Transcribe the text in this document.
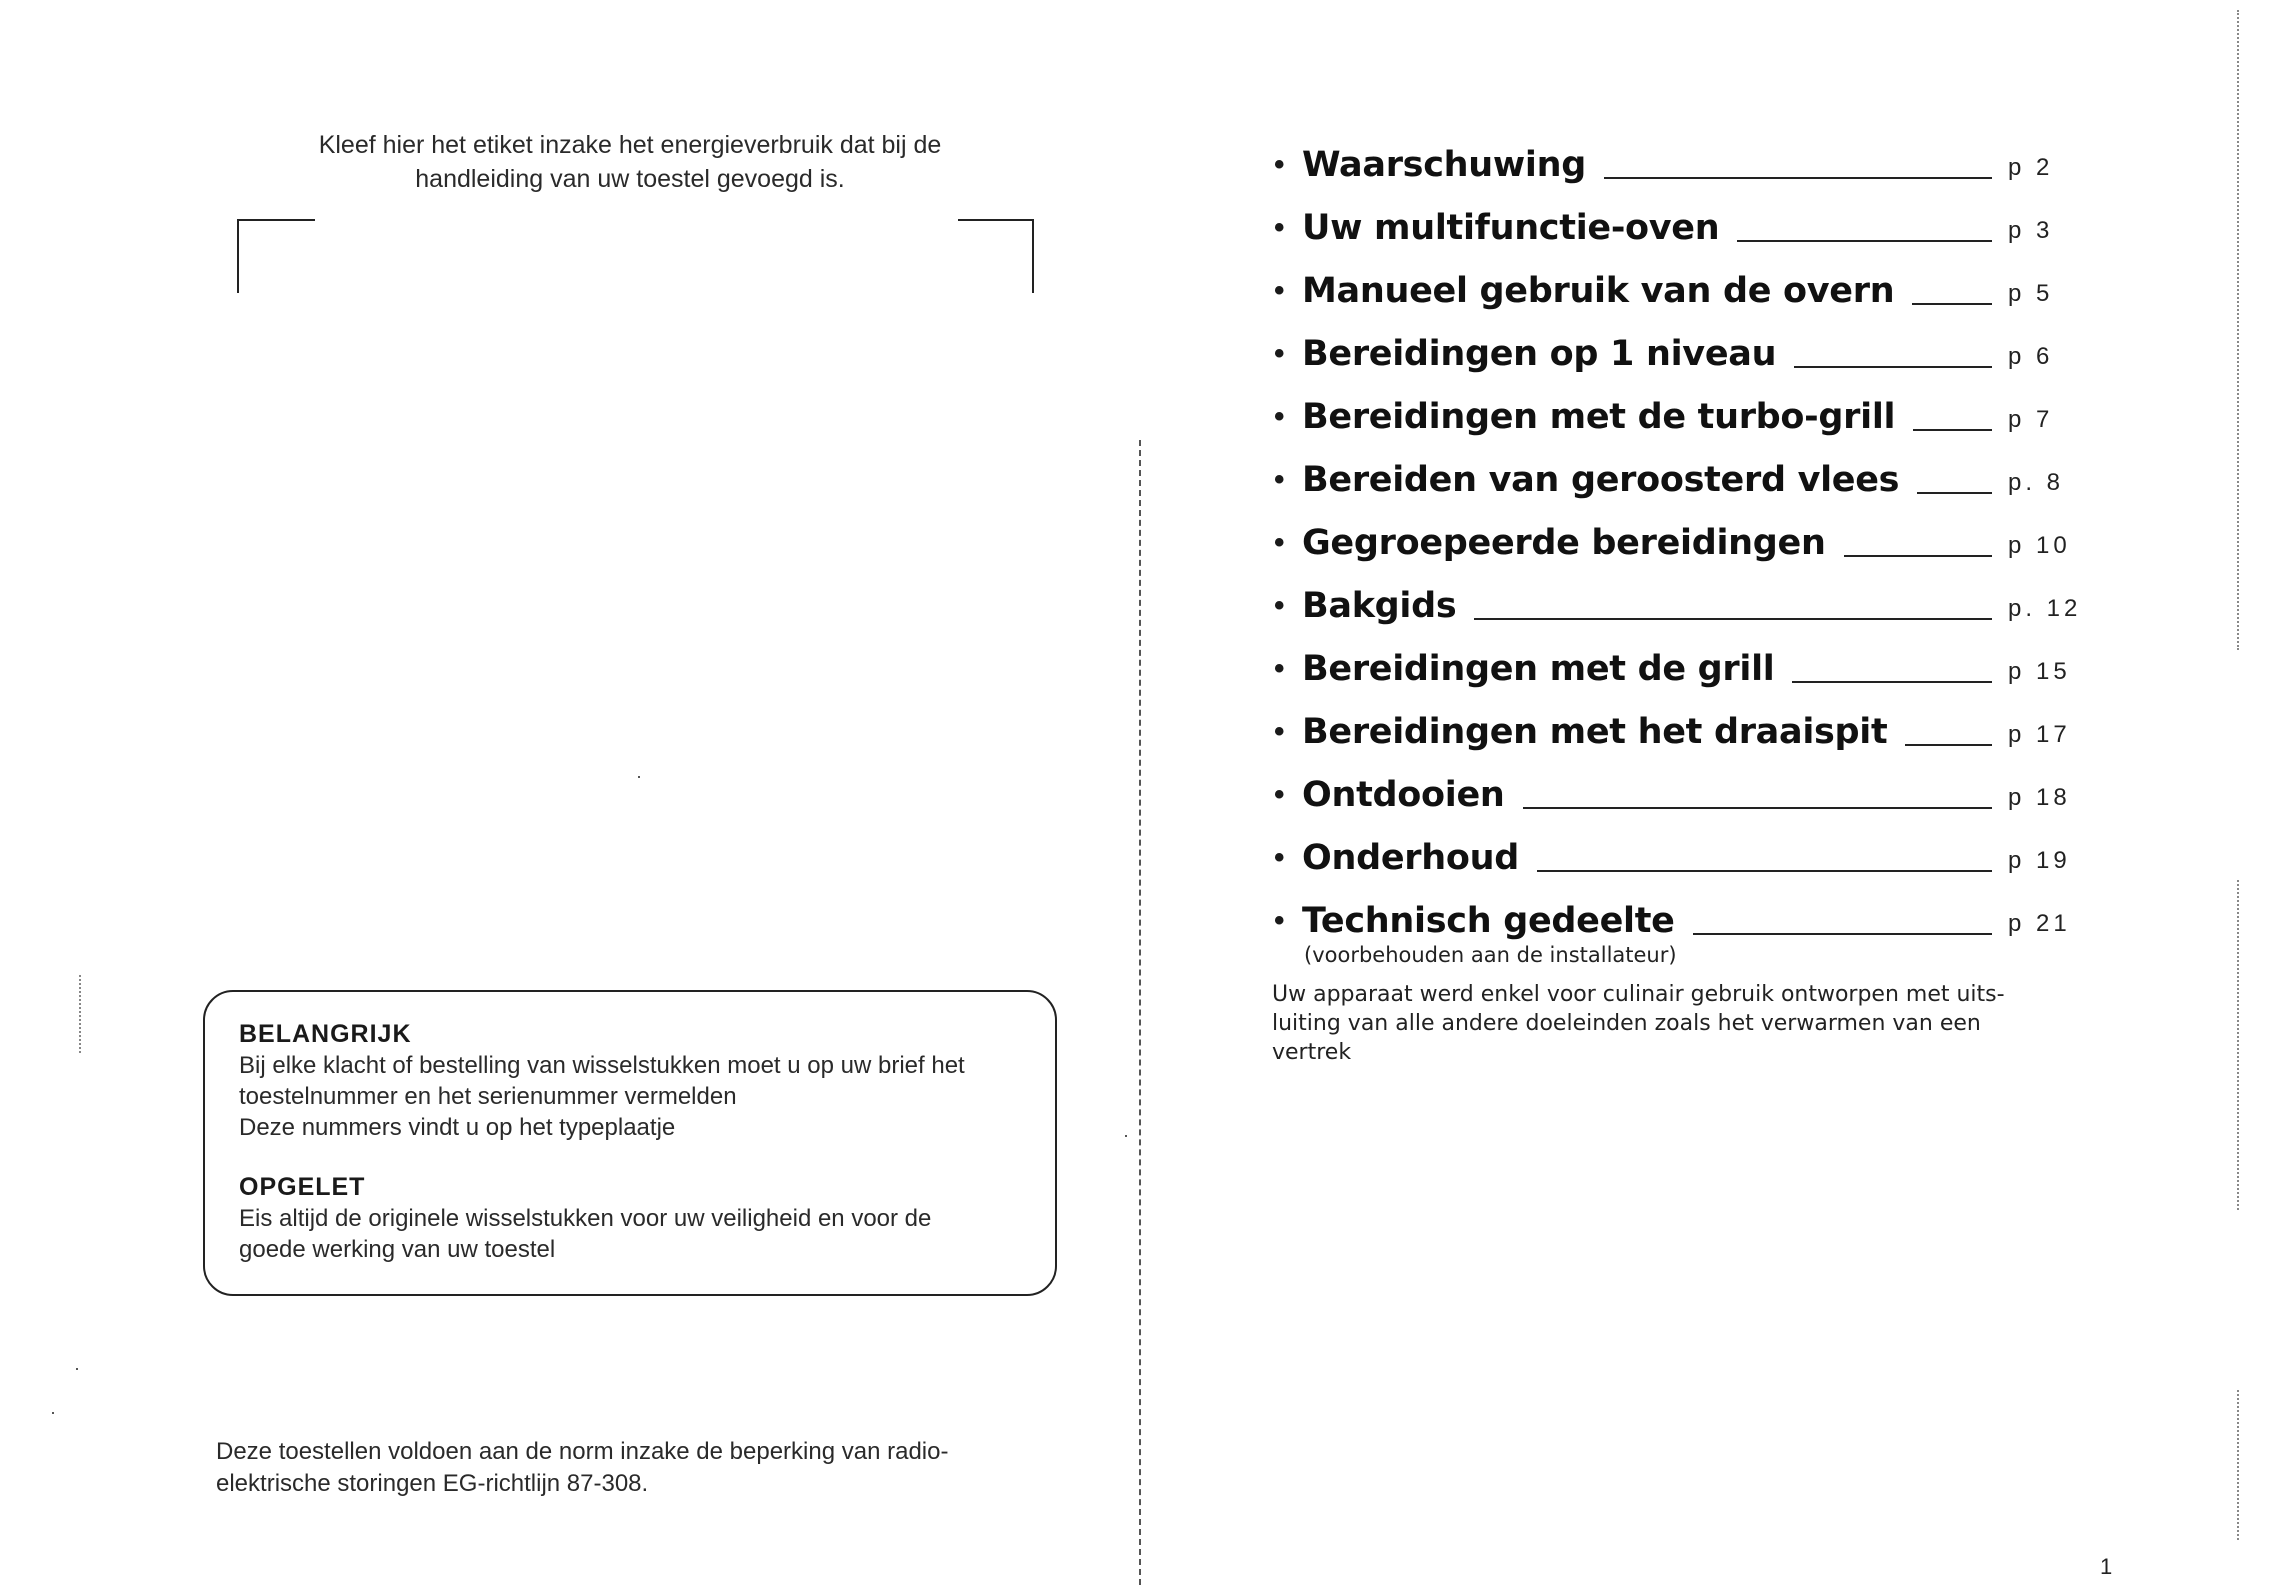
Kleef hier het etiket inzake het energieverbruik dat bij de
handleiding van uw toestel gevoegd is.
BELANGRIJK
Bij elke klacht of bestelling van wisselstukken moet u op uw brief het
toestelnummer en het serienummer vermelden
Deze nummers vindt u op het typeplaatje
OPGELET
Eis altijd de originele wisselstukken voor uw veiligheid en voor de
goede werking van uw toestel
Deze toestellen voldoen aan de norm inzake de beperking van radio-
elektrische storingen EG-richtlijn 87-308.
• Waarschuwing	p 2
• Uw multifunctie-oven	p 3
• Manueel gebruik van de overn	p 5
• Bereidingen op 1 niveau	p 6
• Bereidingen met de turbo-grill	p 7
• Bereiden van geroosterd vlees	p. 8
• Gegroepeerde bereidingen	p 10
• Bakgids	p. 12
• Bereidingen met de grill	p 15
• Bereidingen met het draaispit	p 17
• Ontdooien	p 18
• Onderhoud	p 19
• Technisch gedeelte	p 21
(voorbehouden aan de installateur)
Uw apparaat werd enkel voor culinair gebruik ontworpen met uits-
luiting van alle andere doeleinden zoals het verwarmen van een
vertrek
1
